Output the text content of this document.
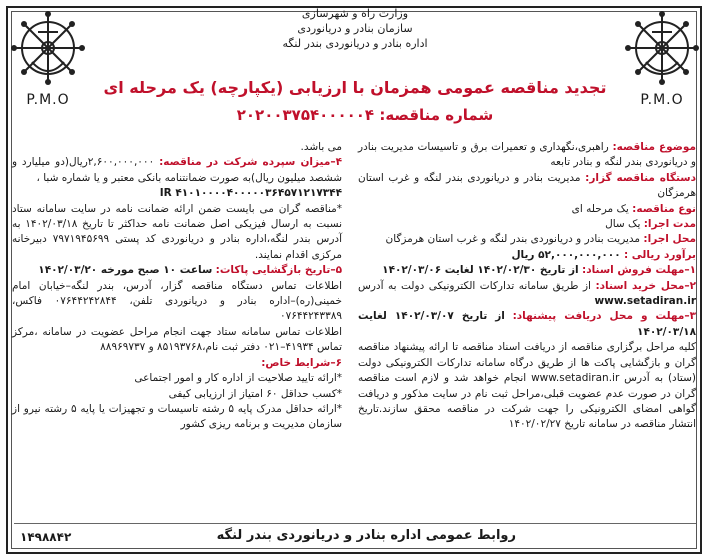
P.M.O	P.M.O
وزارت راه و شهرسازی
سازمان بنادر و دریانوردی
اداره بنادر و دریانوردی بندر لنگه
تجدید مناقصه عمومی همزمان با ارزیابی (یکپارچه) یک مرحله ای
شماره مناقصه: ۲۰۲۰۰۳۷۵۴۰۰۰۰۰۴

موضوع مناقصه: راهبری،نگهداری و تعمیرات برق و تاسیسات مدیریت بنادر و دریانوردی بندر لنگه و بنادر تابعه

دستگاه مناقصه گزار: مدیریت بنادر و دریانوردی بندر لنگه و غرب استان هرمزگان

نوع مناقصه: یک مرحله ای

مدت اجرا: یک سال

محل اجرا: مدیریت بنادر و دریانوردی بندر لنگه و غرب استان هرمزگان

برآورد ریالی : ۵۲,۰۰۰,۰۰۰,۰۰۰ ریال

۱–مهلت فروش اسناد: از تاریخ ۱۴۰۲/۰۲/۳۰ لغایت ۱۴۰۲/۰۳/۰۶

۲–محل خرید اسناد: از طریق سامانه تدارکات الکترونیکی دولت به آدرس www.setadiran.ir

۳–مهلت و محل دریافت پیشنهاد: از تاریخ ۱۴۰۲/۰۳/۰۷ لغایت ۱۴۰۲/۰۳/۱۸

کلیه مراحل برگزاری مناقصه از دریافت اسناد مناقصه تا ارائه پیشنهاد مناقصه گران و بازگشایی پاکت ها از طریق درگاه سامانه تدارکات الکترونیکی دولت (ستاد) به آدرس www.setadiran.ir انجام خواهد شد و لازم است مناقصه گران در صورت عدم عضویت قبلی،مراحل ثبت نام در سایت مذکور و دریافت گواهی امضای الکترونیکی را جهت شرکت در مناقصه محقق سازند.تاریخ انتشار مناقصه در سامانه تاریخ ۱۴۰۲/۰۲/۲۷

می باشد.

۴–میزان سپرده شرکت در مناقصه: ۲,۶۰۰,۰۰۰,۰۰۰ریال(دو میلیارد و ششصد میلیون ریال)به صورت ضمانتنامه بانکی معتبر و یا شماره شبا ،

IR ۴۱۰۱۰۰۰۰۴۰۰۰۰۰۳۶۴۵۷۱۲۱۷۳۴۴

*مناقصه گران می بایست ضمن ارائه ضمانت نامه در سایت سامانه ستاد نسبت به ارسال فیزیکی اصل ضمانت نامه حداکثر تا تاریخ ۱۴۰۲/۰۳/۱۸ به آدرس بندر لنگه،اداره بنادر و دریانوردی کد پستی ۷۹۷۱۹۴۵۶۹۹ دبیرخانه مرکزی اقدام نمایند.

۵–تاریخ بازگشایی پاکات: ساعت ۱۰ صبح مورخه ۱۴۰۲/۰۳/۲۰

اطلاعات تماس دستگاه مناقصه گزار، آدرس، بندر لنگه–خیابان امام خمینی(ره)–اداره بنادر و دریانوردی تلفن، ۰۷۶۴۴۲۴۲۸۴۴ فاکس، ۰۷۶۴۴۲۴۳۳۸۹

اطلاعات تماس سامانه ستاد جهت انجام مراحل عضویت در سامانه ،مرکز تماس ۴۱۹۳۴–۰۲۱ دفتر ثبت نام،۸۵۱۹۳۷۶۸ و ۸۸۹۶۹۷۳۷

۶–شرایط خاص:

*ارائه تایید صلاحیت از اداره کار و امور اجتماعی

*کسب حداقل ۶۰ امتیاز از ارزیابی کیفی

*ارائه حداقل مدرک پایه ۵ رشته تاسیسات و تجهیزات یا پایه ۵ رشته نیرو از سازمان مدیریت و برنامه ریزی کشور

روابط عمومی اداره بنادر و دریانوردی بندر لنگه
۱۴۹۸۸۴۲
